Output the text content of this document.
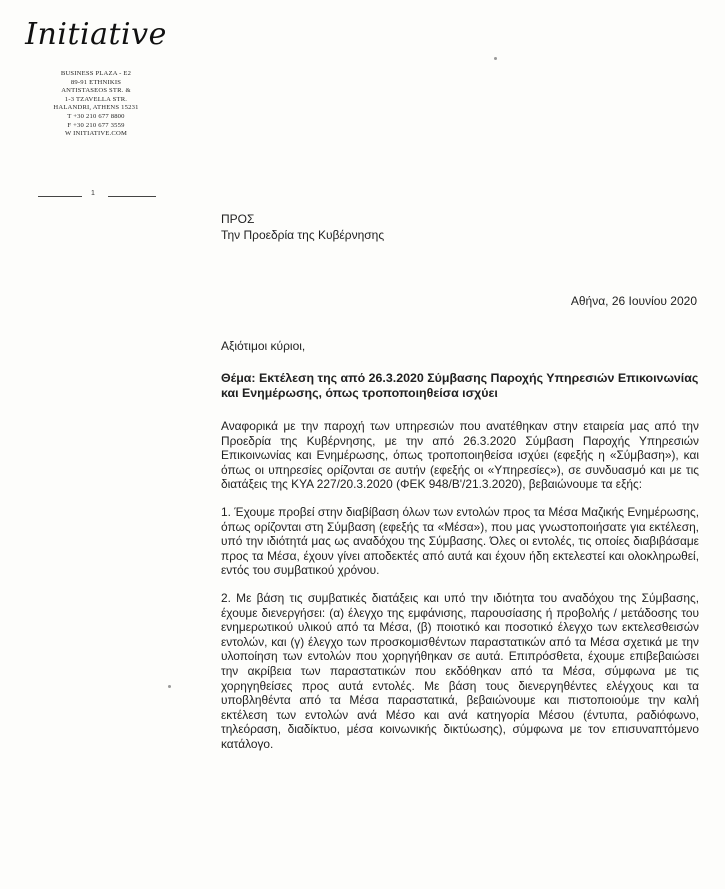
Initiative
BUSINESS PLAZA - E2
89-91 ETHNIKIS
ANTISTASEOS STR. &
1-3 TZAVELLA STR.
HALANDRI, ATHENS 15231
T +30 210 677 8800
F +30 210 677 3559
W INITIATIVE.COM
1
ΠΡΟΣ
Την Προεδρία της Κυβέρνησης
Αθήνα, 26 Ιουνίου 2020
Αξιότιμοι κύριοι,
Θέμα: Εκτέλεση της από 26.3.2020 Σύμβασης Παροχής Υπηρεσιών Επικοινωνίας και Ενημέρωσης, όπως τροποποιηθείσα ισχύει

Αναφορικά με την παροχή των υπηρεσιών που ανατέθηκαν στην εταιρεία μας από την Προεδρία της Κυβέρνησης, με την από 26.3.2020 Σύμβαση Παροχής Υπηρεσιών Επικοινωνίας και Ενημέρωσης, όπως τροποποιηθείσα ισχύει (εφεξής η «Σύμβαση»), και όπως οι υπηρεσίες ορίζονται σε αυτήν (εφεξής οι «Υπηρεσίες»), σε συνδυασμό και με τις διατάξεις της ΚΥΑ 227/20.3.2020 (ΦΕΚ 948/Β'/21.3.2020), βεβαιώνουμε τα εξής:

1. Έχουμε προβεί στην διαβίβαση όλων των εντολών προς τα Μέσα Μαζικής Ενημέρωσης, όπως ορίζονται στη Σύμβαση (εφεξής τα «Μέσα»), που μας γνωστοποιήσατε για εκτέλεση, υπό την ιδιότητά μας ως αναδόχου της Σύμβασης. Όλες οι εντολές, τις οποίες διαβιβάσαμε προς τα Μέσα, έχουν γίνει αποδεκτές από αυτά και έχουν ήδη εκτελεστεί και ολοκληρωθεί, εντός του συμβατικού χρόνου.

2. Με βάση τις συμβατικές διατάξεις και υπό την ιδιότητα του αναδόχου της Σύμβασης, έχουμε διενεργήσει: (α) έλεγχο της εμφάνισης, παρουσίασης ή προβολής / μετάδοσης του ενημερωτικού υλικού από τα Μέσα, (β) ποιοτικό και ποσοτικό έλεγχο των εκτελεσθεισών εντολών, και (γ) έλεγχο των προσκομισθέντων παραστατικών από τα Μέσα σχετικά με την υλοποίηση των εντολών που χορηγήθηκαν σε αυτά. Επιπρόσθετα, έχουμε επιβεβαιώσει την ακρίβεια των παραστατικών που εκδόθηκαν από τα Μέσα, σύμφωνα με τις χορηγηθείσες προς αυτά εντολές. Με βάση τους διενεργηθέντες ελέγχους και τα υποβληθέντα από τα Μέσα παραστατικά, βεβαιώνουμε και πιστοποιούμε την καλή εκτέλεση των εντολών ανά Μέσο και ανά κατηγορία Μέσου (έντυπα, ραδιόφωνο, τηλεόραση, διαδίκτυο, μέσα κοινωνικής δικτύωσης), σύμφωνα με τον επισυναπτόμενο κατάλογο.
